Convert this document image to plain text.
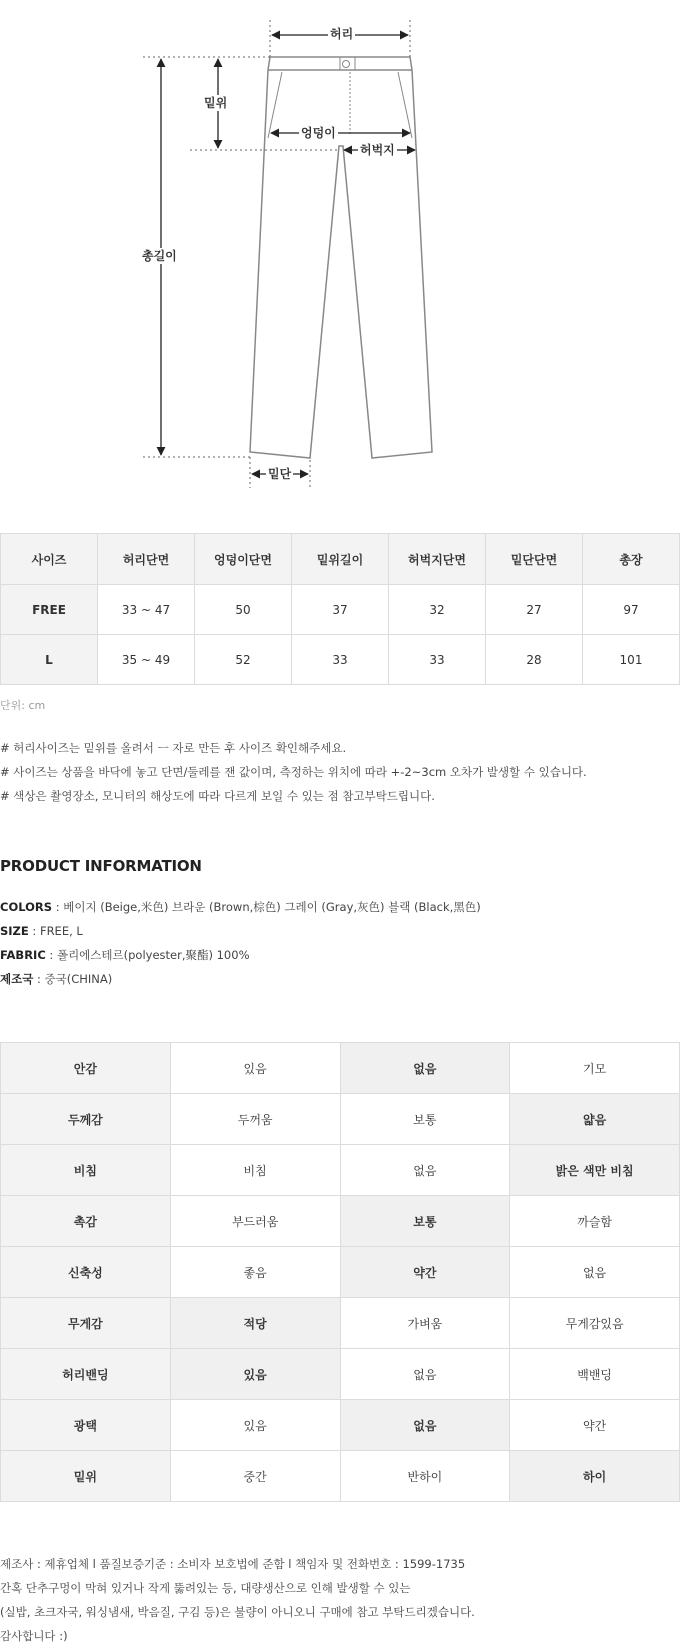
허리
밑위
엉덩이
허벅지
총길이
밑단
사이즈	허리단면	엉덩이단면	밑위길이	허벅지단면	밑단단면	총장
FREE	33 ~ 47	50	37	32	27	97
L	35 ~ 49	52	33	33	28	101
단위: cm
# 허리사이즈는 밑위를 올려서 ㅡ 자로 만든 후 사이즈 확인해주세요.
# 사이즈는 상품을 바닥에 놓고 단면/둘레를 잰 값이며, 측정하는 위치에 따라 +-2~3cm 오차가 발생할 수 있습니다.
# 색상은 촬영장소, 모니터의 해상도에 따라 다르게 보일 수 있는 점 참고부탁드립니다.
PRODUCT INFORMATION
COLORS : 베이지 (Beige,米色) 브라운 (Brown,棕色) 그레이 (Gray,灰色) 블랙 (Black,黑色)
SIZE : FREE, L
FABRIC : 폴리에스테르(polyester,聚酯) 100%
제조국 : 중국(CHINA)
안감	있음	없음	기모
두께감	두꺼움	보통	얇음
비침	비침	없음	밝은 색만 비침
촉감	부드러움	보통	까슬함
신축성	좋음	약간	없음
무게감	적당	가벼움	무게감있음
허리밴딩	있음	없음	백밴딩
광택	있음	없음	약간
밑위	중간	반하이	하이
제조사 : 제휴업체 l 품질보증기준 : 소비자 보호법에 준함 l 책임자 및 전화번호 : 1599-1735
간혹 단추구멍이 막혀 있거나 작게 뚫려있는 등, 대량생산으로 인해 발생할 수 있는
(실밥, 초크자국, 워싱냄새, 박음질, 구김 등)은 불량이 아니오니 구매에 참고 부탁드리겠습니다.
감사합니다 :)
